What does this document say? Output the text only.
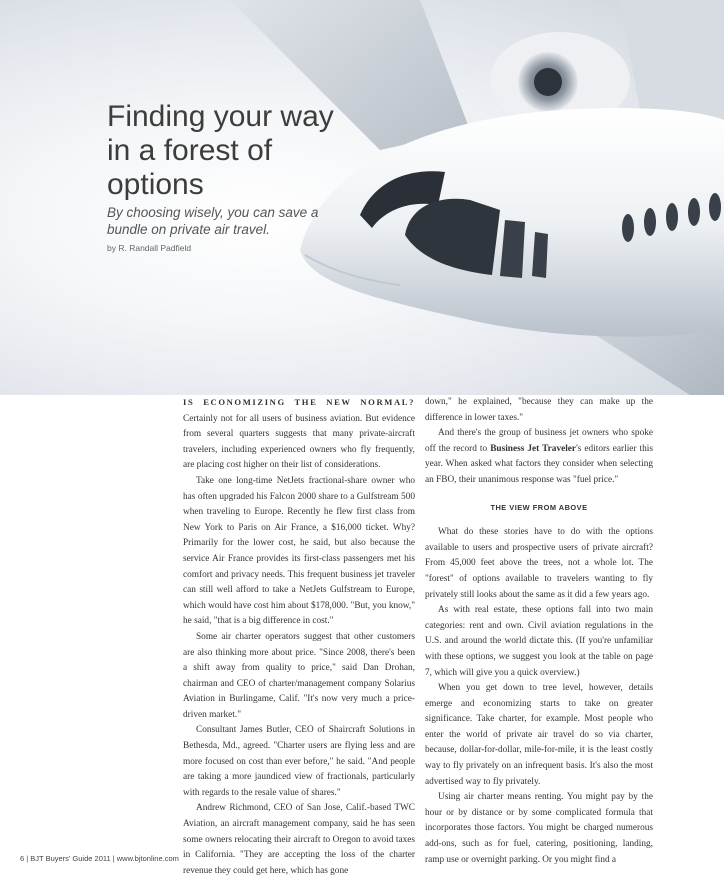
Finding your way in a forest of options

By choosing wisely, you can save a bundle on private air travel.

by R. Randall Padfield

IS ECONOMIZING THE NEW NORMAL? Certainly not for all users of business aviation. But evidence from several quarters suggests that many private-aircraft travelers, including experienced owners who fly frequently, are placing cost higher on their list of considerations.

Take one long-time NetJets fractional-share owner who has often upgraded his Falcon 2000 share to a Gulfstream 500 when traveling to Europe. Recently he flew first class from New York to Paris on Air France, a $16,000 ticket. Why? Primarily for the lower cost, he said, but also because the service Air France provides its first-class passengers met his comfort and privacy needs. This frequent business jet traveler can still well afford to take a NetJets Gulfstream to Europe, which would have cost him about $178,000. "But, you know," he said, "that is a big difference in cost."

Some air charter operators suggest that other customers are also thinking more about price. "Since 2008, there's been a shift away from quality to price," said Dan Drohan, chairman and CEO of charter/management company Solarius Aviation in Burlingame, Calif. "It's now very much a price-driven market."

Consultant James Butler, CEO of Shaircraft Solutions in Bethesda, Md., agreed. "Charter users are flying less and are more focused on cost than ever before," he said. "And people are taking a more jaundiced view of fractionals, particularly with regards to the resale value of shares."

Andrew Richmond, CEO of San Jose, Calif.-based TWC Aviation, an aircraft management company, said he has seen some owners relocating their aircraft to Oregon to avoid taxes in California. "They are accepting the loss of the charter revenue they could get here, which has gone

down," he explained, "because they can make up the difference in lower taxes."

And there's the group of business jet owners who spoke off the record to Business Jet Traveler's editors earlier this year. When asked what factors they consider when selecting an FBO, their unanimous response was "fuel price."

THE VIEW FROM ABOVE

What do these stories have to do with the options available to users and prospective users of private aircraft? From 45,000 feet above the trees, not a whole lot. The "forest" of options available to travelers wanting to fly privately still looks about the same as it did a few years ago.

As with real estate, these options fall into two main categories: rent and own. Civil aviation regulations in the U.S. and around the world dictate this. (If you're unfamiliar with these options, we suggest you look at the table on page 7, which will give you a quick overview.)

When you get down to tree level, however, details emerge and economizing starts to take on greater significance. Take charter, for example. Most people who enter the world of private air travel do so via charter, because, dollar-for-dollar, mile-for-mile, it is the least costly way to fly privately on an infrequent basis. It's also the most advertised way to fly privately.

Using air charter means renting. You might pay by the hour or by distance or by some complicated formula that incorporates those factors. You might be charged numerous add-ons, such as for fuel, catering, positioning, landing, ramp use or overnight parking. Or you might find a

6 | BJT Buyers' Guide 2011 | www.bjtonline.com
